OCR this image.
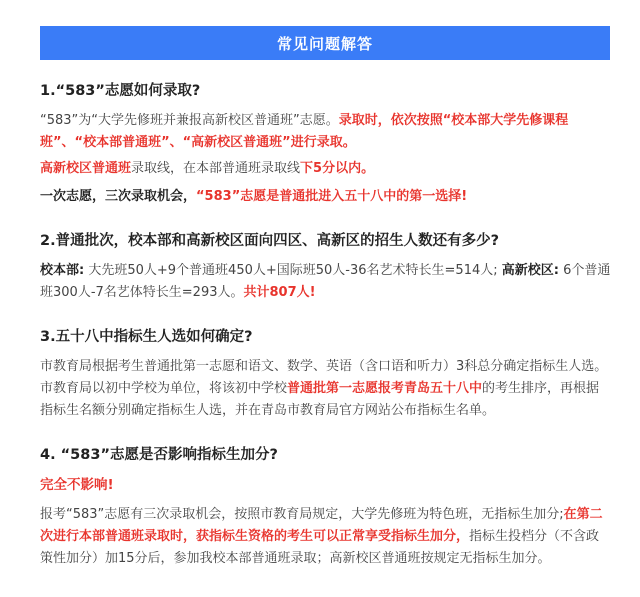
常见问题解答
1.“583”志愿如何录取?
“583”为“大学先修班并兼报高新校区普通班”志愿。录取时，依次按照“校本部大学先修课程班”、“校本部普通班”、“高新校区普通班”进行录取。
高新校区普通班录取线，在本部普通班录取线下5分以内。
一次志愿，三次录取机会，“583”志愿是普通批进入五十八中的第一选择!
2.普通批次，校本部和高新校区面向四区、高新区的招生人数还有多少?
校本部: 大先班50人+9个普通班450人+国际班50人-36名艺术特长生=514人; 高新校区: 6个普通班300人-7名艺体特长生=293人。共计807人!
3.五十八中指标生人选如何确定?
市教育局根据考生普通批第一志愿和语文、数学、英语（含口语和听力）3科总分确定指标生人选。市教育局以初中学校为单位，将该初中学校普通批第一志愿报考青岛五十八中的考生排序，再根据指标生名额分别确定指标生人选，并在青岛市教育局官方网站公布指标生名单。
4. “583”志愿是否影响指标生加分?
完全不影响!
报考“583”志愿有三次录取机会，按照市教育局规定，大学先修班为特色班，无指标生加分;在第二次进行本部普通班录取时，获指标生资格的考生可以正常享受指标生加分，指标生投档分（不含政策性加分）加15分后，参加我校本部普通班录取；高新校区普通班按规定无指标生加分。
